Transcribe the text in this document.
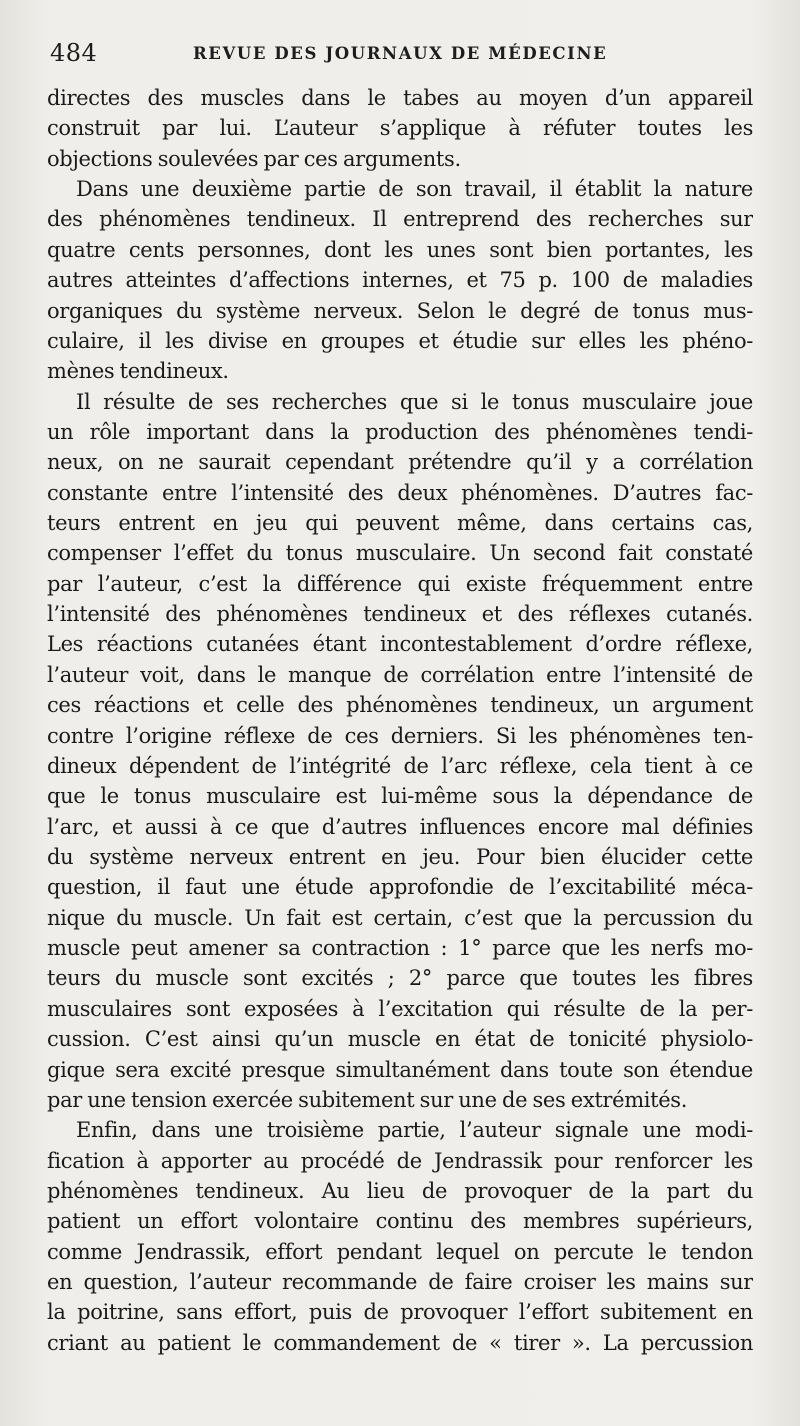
484	REVUE DES JOURNAUX DE MÉDECINE
directes des muscles dans le tabes au moyen d’un appareil
construit par lui. L’auteur s’applique à réfuter toutes les
objections soulevées par ces arguments.
Dans une deuxième partie de son travail, il établit la nature
des phénomènes tendineux. Il entreprend des recherches sur
quatre cents personnes, dont les unes sont bien portantes, les
autres atteintes d’affections internes, et 75 p. 100 de maladies
organiques du système nerveux. Selon le degré de tonus mus-
culaire, il les divise en groupes et étudie sur elles les phéno-
mènes tendineux.
Il résulte de ses recherches que si le tonus musculaire joue
un rôle important dans la production des phénomènes tendi-
neux, on ne saurait cependant prétendre qu’il y a corrélation
constante entre l’intensité des deux phénomènes. D’autres fac-
teurs entrent en jeu qui peuvent même, dans certains cas,
compenser l’effet du tonus musculaire. Un second fait constaté
par l’auteur, c’est la différence qui existe fréquemment entre
l’intensité des phénomènes tendineux et des réflexes cutanés.
Les réactions cutanées étant incontestablement d’ordre réflexe,
l’auteur voit, dans le manque de corrélation entre l’intensité de
ces réactions et celle des phénomènes tendineux, un argument
contre l’origine réflexe de ces derniers. Si les phénomènes ten-
dineux dépendent de l’intégrité de l’arc réflexe, cela tient à ce
que le tonus musculaire est lui-même sous la dépendance de
l’arc, et aussi à ce que d’autres influences encore mal définies
du système nerveux entrent en jeu. Pour bien élucider cette
question, il faut une étude approfondie de l’excitabilité méca-
nique du muscle. Un fait est certain, c’est que la percussion du
muscle peut amener sa contraction : 1° parce que les nerfs mo-
teurs du muscle sont excités ; 2° parce que toutes les fibres
musculaires sont exposées à l’excitation qui résulte de la per-
cussion. C’est ainsi qu’un muscle en état de tonicité physiolo-
gique sera excité presque simultanément dans toute son étendue
par une tension exercée subitement sur une de ses extrémités.
Enfin, dans une troisième partie, l’auteur signale une modi-
fication à apporter au procédé de Jendrassik pour renforcer les
phénomènes tendineux. Au lieu de provoquer de la part du
patient un effort volontaire continu des membres supérieurs,
comme Jendrassik, effort pendant lequel on percute le tendon
en question, l’auteur recommande de faire croiser les mains sur
la poitrine, sans effort, puis de provoquer l’effort subitement en
criant au patient le commandement de « tirer ». La percussion
